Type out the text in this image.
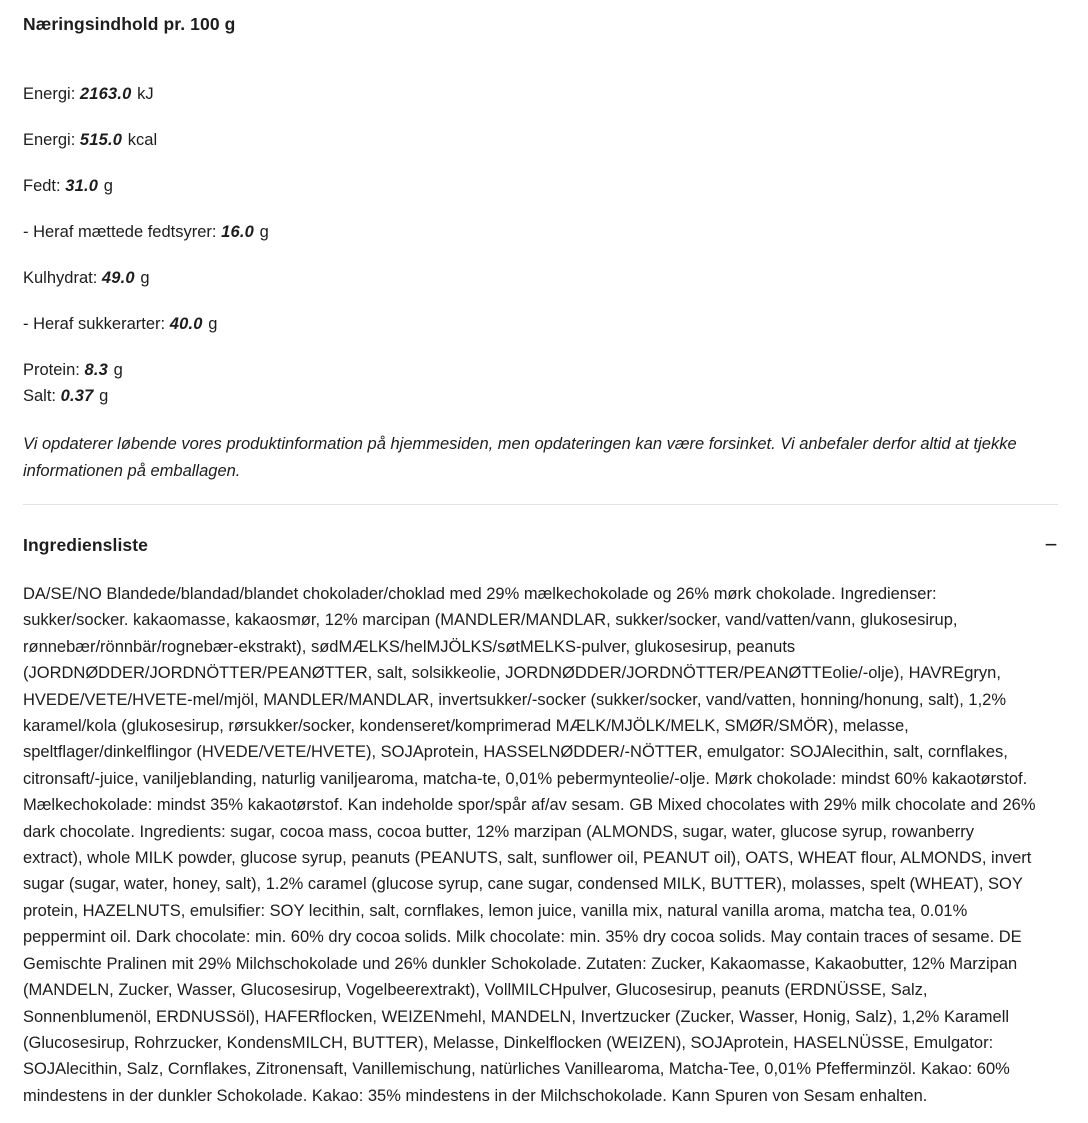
Næringsindhold pr. 100 g

Energi: 2163.0 kJ

Energi: 515.0 kcal

Fedt: 31.0 g

- Heraf mættede fedtsyrer: 16.0 g

Kulhydrat: 49.0 g

- Heraf sukkerarter: 40.0 g

Protein: 8.3 g

Salt: 0.37 g

Vi opdaterer løbende vores produktinformation på hjemmesiden, men opdateringen kan være forsinket. Vi anbefaler derfor altid at tjekke informationen på emballagen.

Ingrediensliste	−

DA/SE/NO Blandede/blandad/blandet chokolader/choklad med 29% mælkechokolade og 26% mørk chokolade. Ingredienser: sukker/socker. kakaomasse, kakaosmør, 12% marcipan (MANDLER/MANDLAR, sukker/socker, vand/vatten/vann, glukosesirup, rønnebær/rönnbär/rognebær-ekstrakt), sødMÆLKS/helMJÖLKS/søtMELKS-pulver, glukosesirup, peanuts (JORDNØDDER/JORDNÖTTER/PEANØTTER, salt, solsikkeolie, JORDNØDDER/JORDNÖTTER/PEANØTTEolie/-olje), HAVREgryn, HVEDE/VETE/HVETE-mel/mjöl, MANDLER/MANDLAR, invertsukker/-socker (sukker/socker, vand/vatten, honning/honung, salt), 1,2% karamel/kola (glukosesirup, rørsukker/socker, kondenseret/komprimerad MÆLK/MJÖLK/MELK, SMØR/SMÖR), melasse, speltflager/dinkelflingor (HVEDE/VETE/HVETE), SOJAprotein, HASSELNØDDER/-NÖTTER, emulgator: SOJAlecithin, salt, cornflakes, citronsaft/-juice, vaniljeblanding, naturlig vaniljearoma, matcha-te, 0,01% pebermynteolie/-olje. Mørk chokolade: mindst 60% kakaotørstof. Mælkechokolade: mindst 35% kakaotørstof. Kan indeholde spor/spår af/av sesam. GB Mixed chocolates with 29% milk chocolate and 26% dark chocolate. Ingredients: sugar, cocoa mass, cocoa butter, 12% marzipan (ALMONDS, sugar, water, glucose syrup, rowanberry extract), whole MILK powder, glucose syrup, peanuts (PEANUTS, salt, sunflower oil, PEANUT oil), OATS, WHEAT flour, ALMONDS, invert sugar (sugar, water, honey, salt), 1.2% caramel (glucose syrup, cane sugar, condensed MILK, BUTTER), molasses, spelt (WHEAT), SOY protein, HAZELNUTS, emulsifier: SOY lecithin, salt, cornflakes, lemon juice, vanilla mix, natural vanilla aroma, matcha tea, 0.01% peppermint oil. Dark chocolate: min. 60% dry cocoa solids. Milk chocolate: min. 35% dry cocoa solids. May contain traces of sesame. DE Gemischte Pralinen mit 29% Milchschokolade und 26% dunkler Schokolade. Zutaten: Zucker, Kakaomasse, Kakaobutter, 12% Marzipan (MANDELN, Zucker, Wasser, Glucosesirup, Vogelbeerextrakt), VollMILCHpulver, Glucosesirup, peanuts (ERDNÜSSE, Salz, Sonnenblumenöl, ERDNUSSöl), HAFERflocken, WEIZENmehl, MANDELN, Invertzucker (Zucker, Wasser, Honig, Salz), 1,2% Karamell (Glucosesirup, Rohrzucker, KondensMILCH, BUTTER), Melasse, Dinkelflocken (WEIZEN), SOJAprotein, HASELNÜSSE, Emulgator: SOJAlecithin, Salz, Cornflakes, Zitronensaft, Vanillemischung, natürliches Vanillearoma, Matcha-Tee, 0,01% Pfefferminzöl. Kakao: 60% mindestens in der dunkler Schokolade. Kakao: 35% mindestens in der Milchschokolade. Kann Spuren von Sesam enhalten.
